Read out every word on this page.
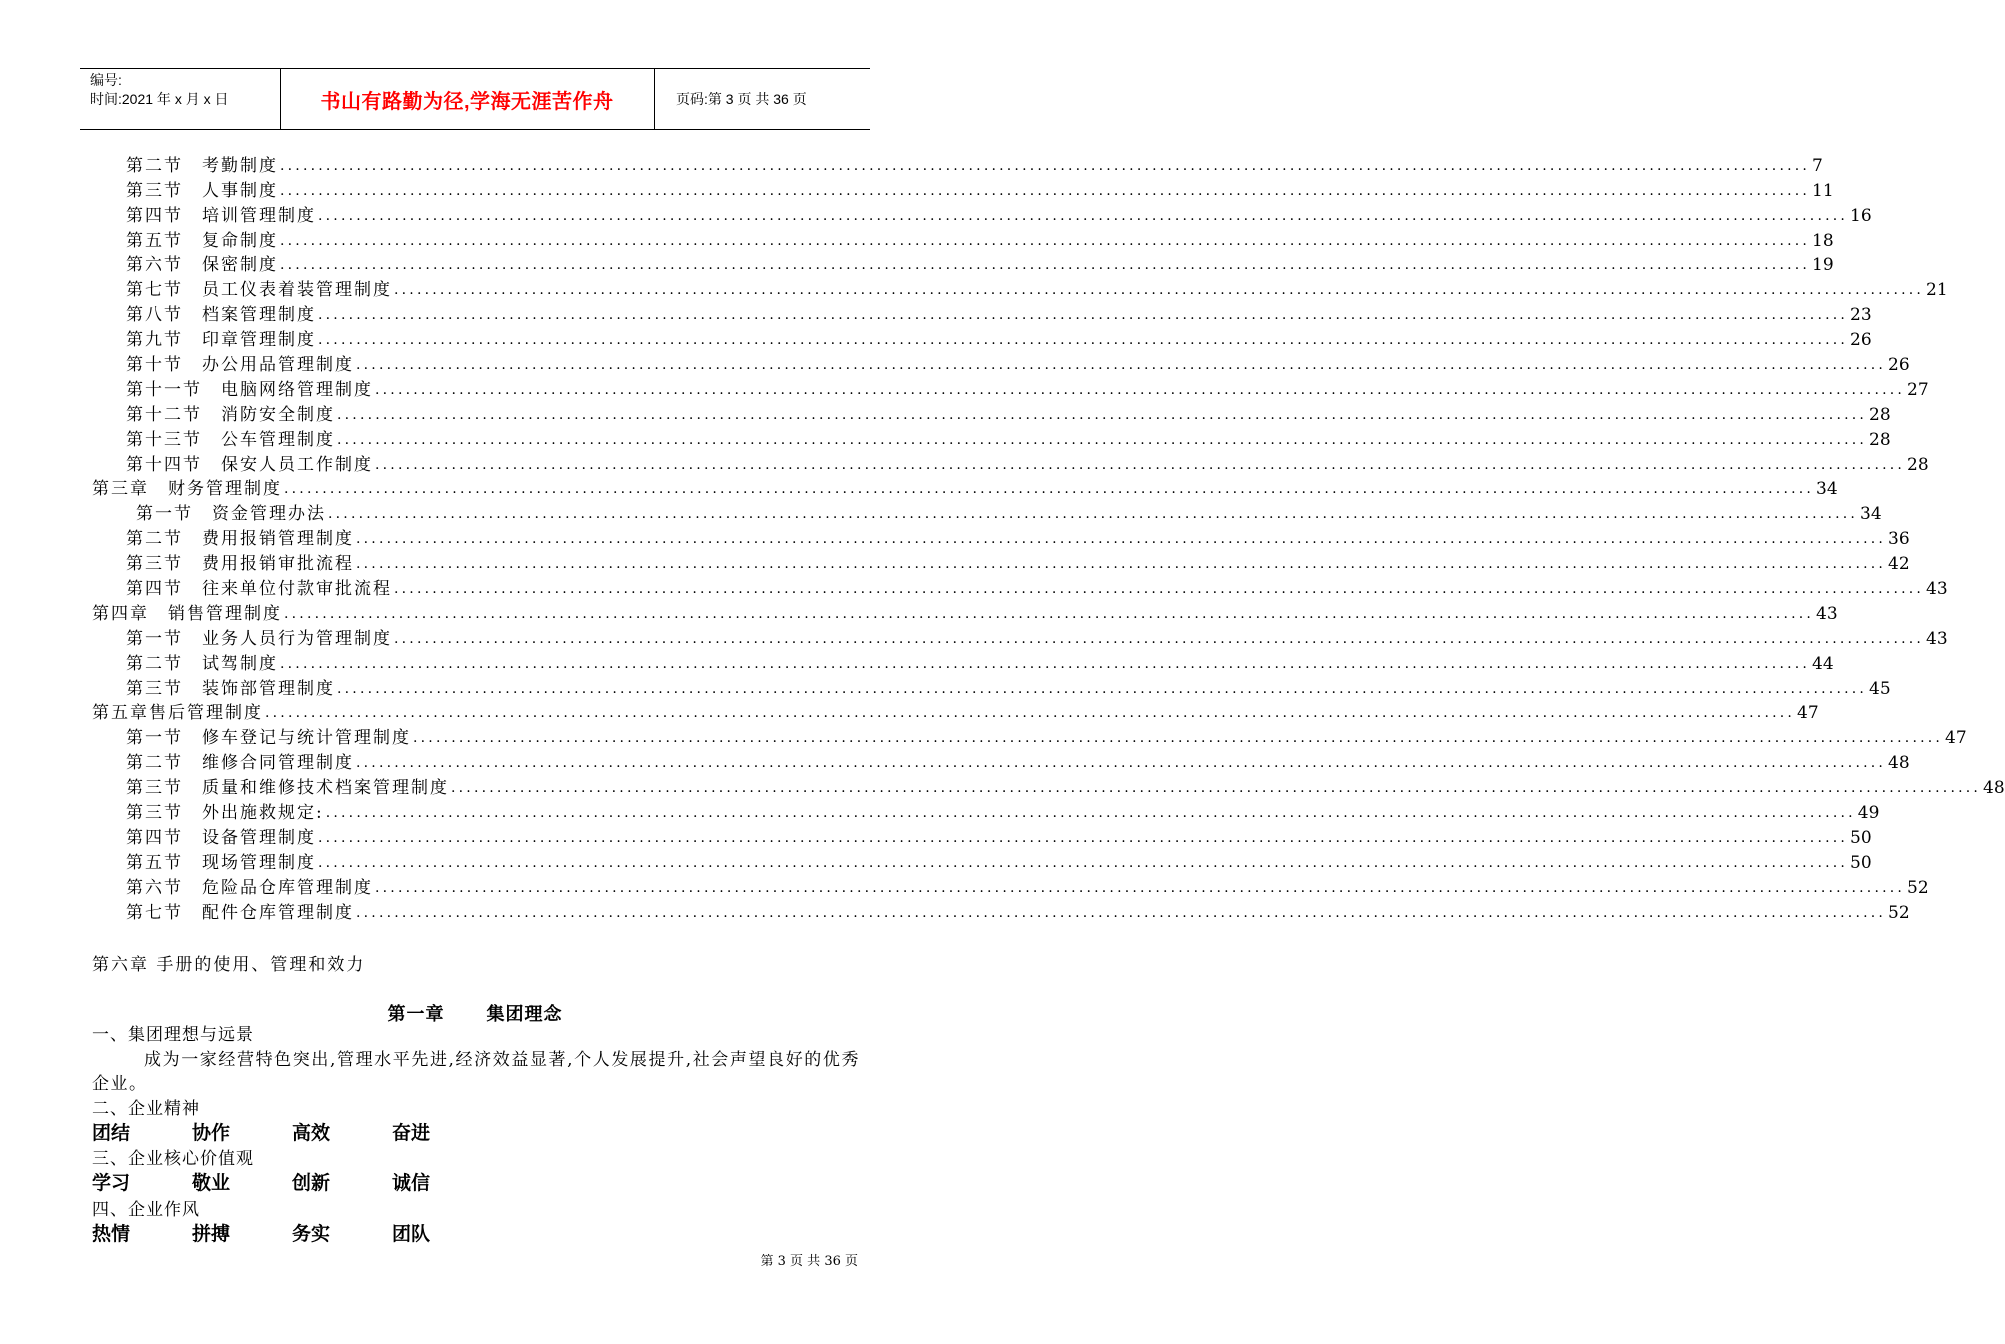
编号:
时间:2021 年 x 月 x 日	书山有路勤为径,学海无涯苦作舟	页码:第 3 页 共 36 页
第二节　考勤制度 ........................................................................................................................................................................................................ 7
第三节　人事制度 ........................................................................................................................................................................................................ 11
第四节　培训管理制度 ........................................................................................................................................................................................................ 16
第五节　复命制度 ........................................................................................................................................................................................................ 18
第六节　保密制度 ........................................................................................................................................................................................................ 19
第七节　员工仪表着装管理制度 ........................................................................................................................................................................................................ 21
第八节　档案管理制度 ........................................................................................................................................................................................................ 23
第九节　印章管理制度 ........................................................................................................................................................................................................ 26
第十节　办公用品管理制度 ........................................................................................................................................................................................................ 26
第十一节　电脑网络管理制度 ........................................................................................................................................................................................................ 27
第十二节　消防安全制度 ........................................................................................................................................................................................................ 28
第十三节　公车管理制度 ........................................................................................................................................................................................................ 28
第十四节　保安人员工作制度 ........................................................................................................................................................................................................ 28
第三章　财务管理制度 ........................................................................................................................................................................................................ 34
第一节　资金管理办法 ........................................................................................................................................................................................................ 34
第二节　费用报销管理制度 ........................................................................................................................................................................................................ 36
第三节　费用报销审批流程 ........................................................................................................................................................................................................ 42
第四节　往来单位付款审批流程 ........................................................................................................................................................................................................ 43
第四章　销售管理制度 ........................................................................................................................................................................................................ 43
第一节　业务人员行为管理制度 ........................................................................................................................................................................................................ 43
第二节　试驾制度 ........................................................................................................................................................................................................ 44
第三节　装饰部管理制度 ........................................................................................................................................................................................................ 45
第五章售后管理制度 ........................................................................................................................................................................................................ 47
第一节　修车登记与统计管理制度 ........................................................................................................................................................................................................ 47
第二节　维修合同管理制度 ........................................................................................................................................................................................................ 48
第三节　质量和维修技术档案管理制度 ........................................................................................................................................................................................................ 48
第三节　外出施救规定: ........................................................................................................................................................................................................ 49
第四节　设备管理制度 ........................................................................................................................................................................................................ 50
第五节　现场管理制度 ........................................................................................................................................................................................................ 50
第六节　危险品仓库管理制度 ........................................................................................................................................................................................................ 52
第七节　配件仓库管理制度 ........................................................................................................................................................................................................ 52
第六章 手册的使用、管理和效力
第一章 集团理念
一、集团理想与远景
成为一家经营特色突出,管理水平先进,经济效益显著,个人发展提升,社会声望良好的优秀企业。
二、企业精神
团结	协作	高效	奋进
三、企业核心价值观
学习	敬业	创新	诚信
四、企业作风
热情	拼搏	务实	团队
第 3 页 共 36 页
